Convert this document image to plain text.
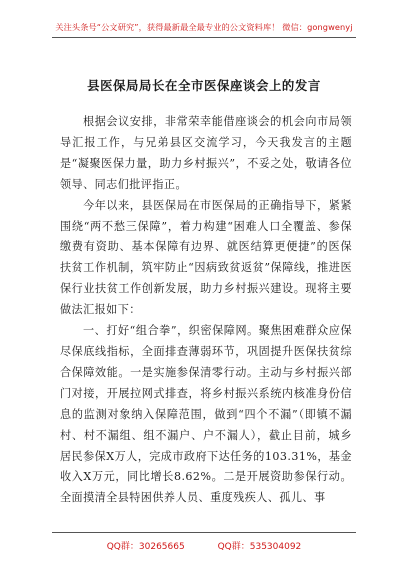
关注头条号“公文研究”，获得最新最全最专业的公文资料库！ 微信：gongwenyj
县医保局局长在全市医保座谈会上的发言

根据会议安排，非常荣幸能借座谈会的机会向市局领导汇报工作，与兄弟县区交流学习，今天我发言的主题是“凝聚医保力量，助力乡村振兴”，不妥之处，敬请各位领导、同志们批评指正。

今年以来，县医保局在市医保局的正确指导下，紧紧围绕“两不愁三保障”，着力构建“困难人口全覆盖、参保缴费有资助、基本保障有边界、就医结算更便捷”的医保扶贫工作机制，筑牢防止“因病致贫返贫”保障线，推进医保行业扶贫工作创新发展，助力乡村振兴建设。现将主要做法汇报如下：

一、打好“组合拳”，织密保障网。聚焦困难群众应保尽保底线指标，全面排查薄弱环节，巩固提升医保扶贫综合保障效能。一是实施参保清零行动。主动与乡村振兴部门对接，开展拉网式排查，将乡村振兴系统内核准身份信息的监测对象纳入保障范围，做到“四个不漏”（即镇不漏村、村不漏组、组不漏户、户不漏人），截止目前，城乡居民参保X万人，完成市政府下达任务的103.31%，基金收入X万元，同比增长8.62%。二是开展资助参保行动。全面摸清全县特困供养人员、重度残疾人、孤儿、事

QQ群：30265665	QQ群：535304092
